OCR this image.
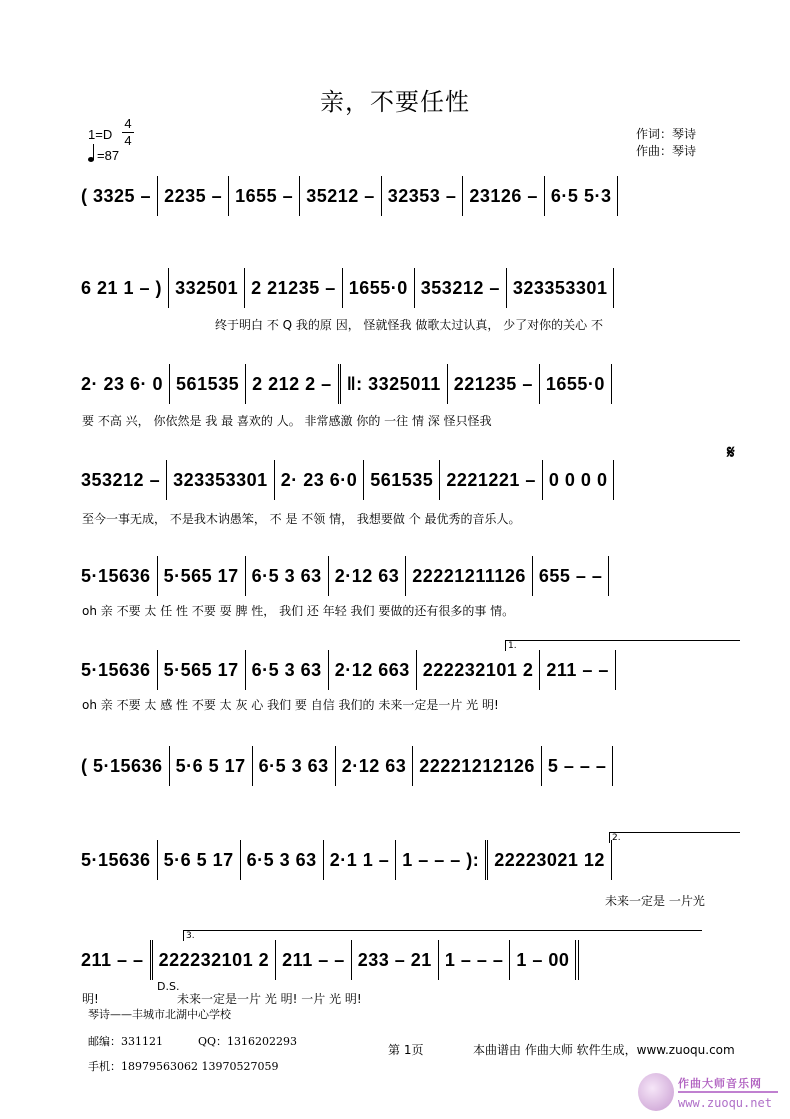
亲，不要任性
1=D
4
4
=87
作词：琴诗
作曲：琴诗
( 3325 – 2235 – 1655 – 35212 – 32353 – 23126 – 6·5 5·3
6 21 1 – ) 332501 2 21235 – 1655·0 353212 – 323353301
终于明白 不 Q 我的原 因， 怪就怪我 做歌太过认真， 少了对你的关心 不
2· 23 6· 0 561535 2 212 2 – ‖: 3325011 221235 – 1655·0
要 不高 兴， 你依然是 我 最 喜欢的 人。 非常感激 你的 一往 情 深 怪只怪我
353212 – 323353301 2· 23 6·0 561535 2221221 – 0 0 0 0
𝄋
至今一事无成， 不是我木讷愚笨， 不 是 不领 情， 我想要做 个 最优秀的音乐人。
5·15636 5·565 17 6·5 3 63 2·12 63 22221211126 655 – –
oh 亲 不要 太 任 性 不要 耍 脾 性， 我们 还 年轻 我们 要做的还有很多的事 情。
1.
5·15636 5·565 17 6·5 3 63 2·12 663 222232101 2 211 – –
oh 亲 不要 太 感 性 不要 太 灰 心 我们 要 自信 我们的 未来一定是一片 光 明!
( 5·15636 5·6 5 17 6·5 3 63 2·12 63 22221212126 5 – – –
2.
5·15636 5·6 5 17 6·5 3 63 2·1 1 – 1 – – – ): 22223021 12
未来一定是 一片光
3.
211 – – 222232101 2 211 – – 233 – 21 1 – – – 1 – 00
D.S.
明!	未来一定是一片 光 明! 一片 光 明!
琴诗——丰城市北湖中心学校
邮编：331121	QQ：1316202293
手机：18979563062 13970527059
第 1页	本曲谱由 作曲大师 软件生成，www.zuoqu.com
作曲大师音乐网
www.zuoqu.net
